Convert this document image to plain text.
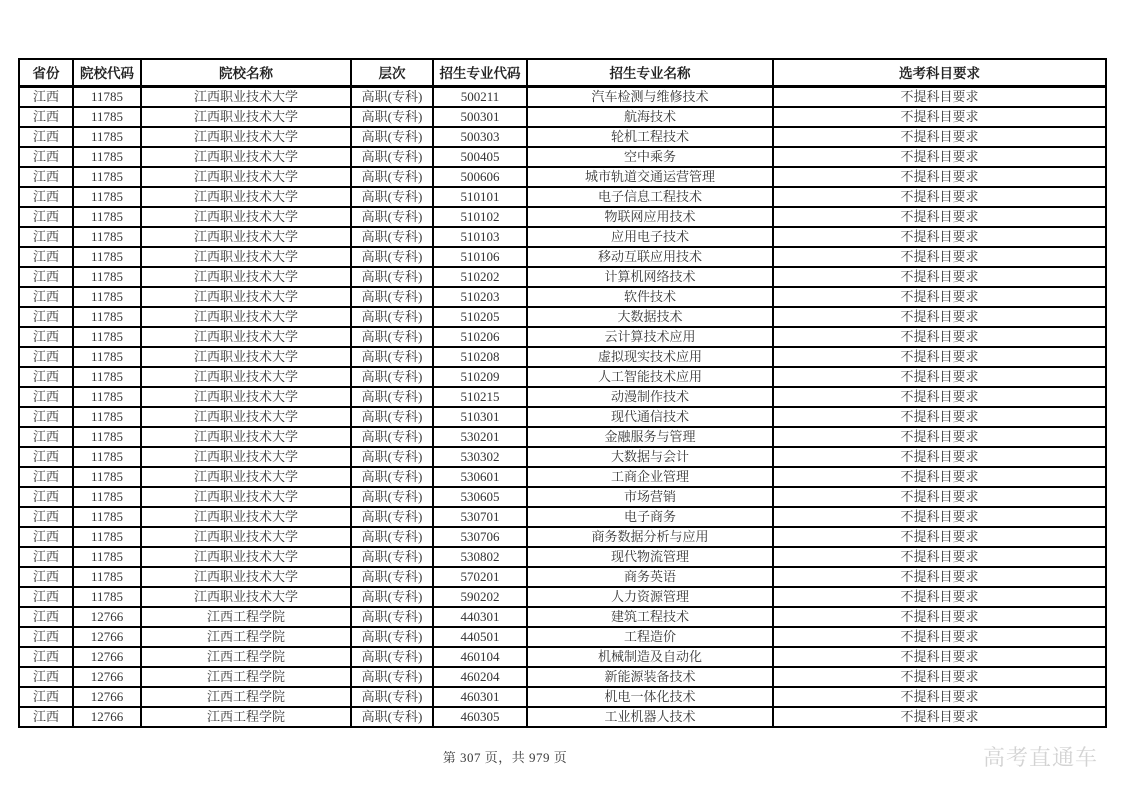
省份	院校代码	院校名称	层次	招生专业代码	招生专业名称	选考科目要求
江西	11785	江西职业技术大学	高职(专科)	500211	汽车检测与维修技术	不提科目要求
江西	11785	江西职业技术大学	高职(专科)	500301	航海技术	不提科目要求
江西	11785	江西职业技术大学	高职(专科)	500303	轮机工程技术	不提科目要求
江西	11785	江西职业技术大学	高职(专科)	500405	空中乘务	不提科目要求
江西	11785	江西职业技术大学	高职(专科)	500606	城市轨道交通运营管理	不提科目要求
江西	11785	江西职业技术大学	高职(专科)	510101	电子信息工程技术	不提科目要求
江西	11785	江西职业技术大学	高职(专科)	510102	物联网应用技术	不提科目要求
江西	11785	江西职业技术大学	高职(专科)	510103	应用电子技术	不提科目要求
江西	11785	江西职业技术大学	高职(专科)	510106	移动互联应用技术	不提科目要求
江西	11785	江西职业技术大学	高职(专科)	510202	计算机网络技术	不提科目要求
江西	11785	江西职业技术大学	高职(专科)	510203	软件技术	不提科目要求
江西	11785	江西职业技术大学	高职(专科)	510205	大数据技术	不提科目要求
江西	11785	江西职业技术大学	高职(专科)	510206	云计算技术应用	不提科目要求
江西	11785	江西职业技术大学	高职(专科)	510208	虚拟现实技术应用	不提科目要求
江西	11785	江西职业技术大学	高职(专科)	510209	人工智能技术应用	不提科目要求
江西	11785	江西职业技术大学	高职(专科)	510215	动漫制作技术	不提科目要求
江西	11785	江西职业技术大学	高职(专科)	510301	现代通信技术	不提科目要求
江西	11785	江西职业技术大学	高职(专科)	530201	金融服务与管理	不提科目要求
江西	11785	江西职业技术大学	高职(专科)	530302	大数据与会计	不提科目要求
江西	11785	江西职业技术大学	高职(专科)	530601	工商企业管理	不提科目要求
江西	11785	江西职业技术大学	高职(专科)	530605	市场营销	不提科目要求
江西	11785	江西职业技术大学	高职(专科)	530701	电子商务	不提科目要求
江西	11785	江西职业技术大学	高职(专科)	530706	商务数据分析与应用	不提科目要求
江西	11785	江西职业技术大学	高职(专科)	530802	现代物流管理	不提科目要求
江西	11785	江西职业技术大学	高职(专科)	570201	商务英语	不提科目要求
江西	11785	江西职业技术大学	高职(专科)	590202	人力资源管理	不提科目要求
江西	12766	江西工程学院	高职(专科)	440301	建筑工程技术	不提科目要求
江西	12766	江西工程学院	高职(专科)	440501	工程造价	不提科目要求
江西	12766	江西工程学院	高职(专科)	460104	机械制造及自动化	不提科目要求
江西	12766	江西工程学院	高职(专科)	460204	新能源装备技术	不提科目要求
江西	12766	江西工程学院	高职(专科)	460301	机电一体化技术	不提科目要求
江西	12766	江西工程学院	高职(专科)	460305	工业机器人技术	不提科目要求
第 307 页，共 979 页	高考直通车
